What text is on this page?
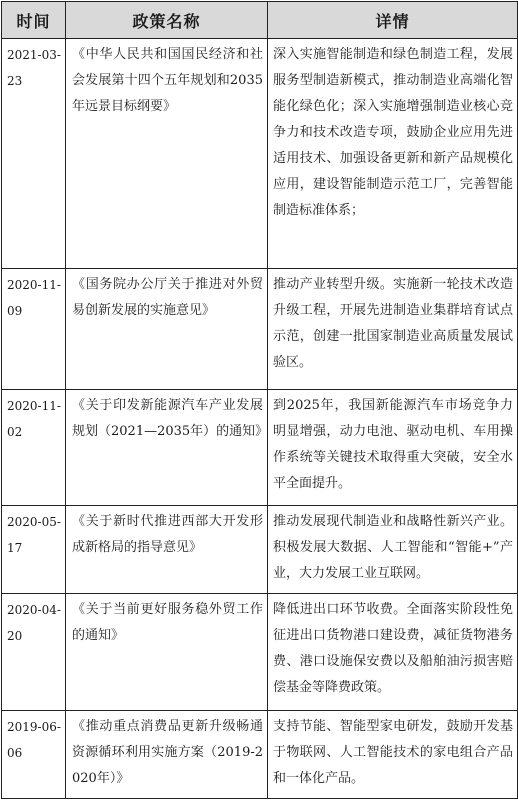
时间	政策名称	详情
2021-03-23	《中华人民共和国国民经济和社会发展第十四个五年规划和2035年远景目标纲要》	深入实施智能制造和绿色制造工程，发展服务型制造新模式，推动制造业高端化智能化绿色化；深入实施增强制造业核心竞争力和技术改造专项，鼓励企业应用先进适用技术、加强设备更新和新产品规模化应用，建设智能制造示范工厂，完善智能制造标准体系；
2020-11-09	《国务院办公厅关于推进对外贸易创新发展的实施意见》	推动产业转型升级。实施新一轮技术改造升级工程，开展先进制造业集群培育试点示范，创建一批国家制造业高质量发展试验区。
2020-11-02	《关于印发新能源汽车产业发展规划（2021—2035年）的通知》	到2025年，我国新能源汽车市场竞争力明显增强，动力电池、驱动电机、车用操作系统等关键技术取得重大突破，安全水平全面提升。
2020-05-17	《关于新时代推进西部大开发形成新格局的指导意见》	推动发展现代制造业和战略性新兴产业。积极发展大数据、人工智能和“智能+”产业，大力发展工业互联网。
2020-04-20	《关于当前更好服务稳外贸工作的通知》	降低进出口环节收费。全面落实阶段性免征进出口货物港口建设费，减征货物港务费、港口设施保安费以及船舶油污损害赔偿基金等降费政策。
2019-06-06	《推动重点消费品更新升级畅通资源循环利用实施方案（2019-2020年）》	支持节能、智能型家电研发，鼓励开发基于物联网、人工智能技术的家电组合产品和一体化产品。
